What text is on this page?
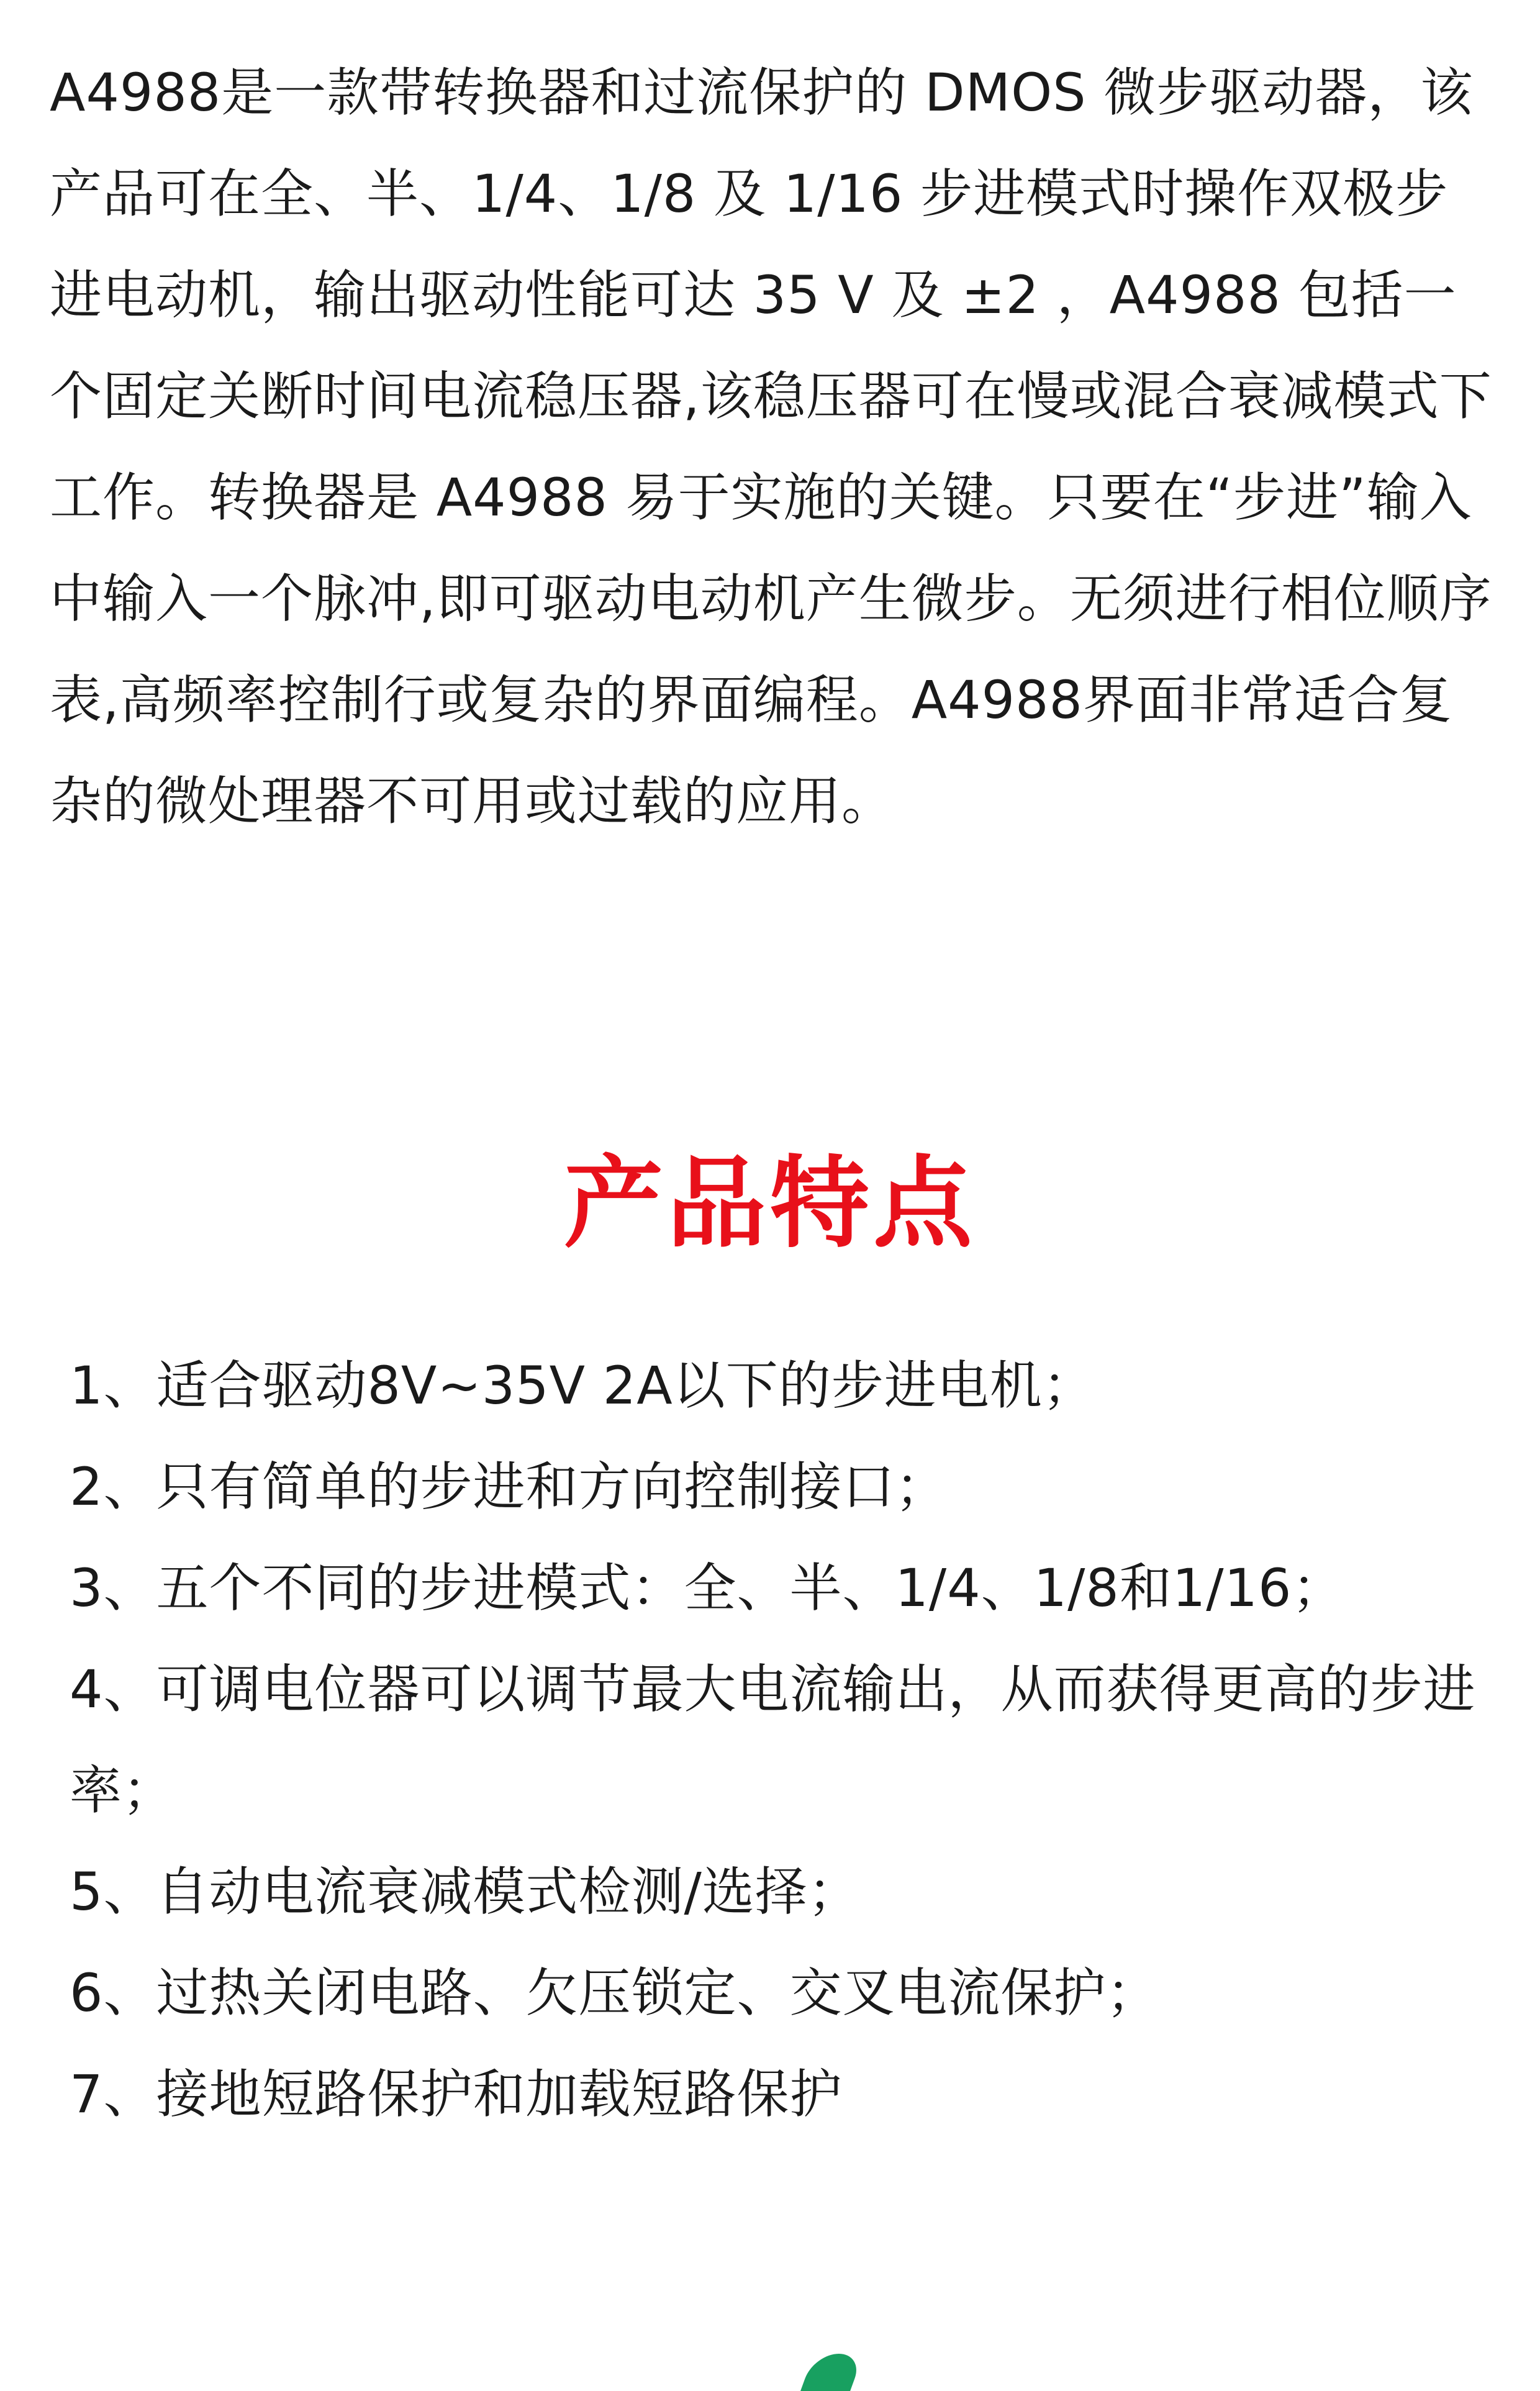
A4988是一款带转换器和过流保护的 DMOS 微步驱动器，该产品可在全、半、1/4、1/8 及 1/16 步进模式时操作双极步进电动机，输出驱动性能可达 35 V 及 ±2 ，A4988 包括一个固定关断时间电流稳压器,该稳压器可在慢或混合衰减模式下工作。转换器是 A4988 易于实施的关键。只要在“步进”输入中输入一个脉冲,即可驱动电动机产生微步。无须进行相位顺序表,高频率控制行或复杂的界面编程。A4988界面非常适合复杂的微处理器不可用或过载的应用。

产品特点
1、适合驱动8V~35V 2A以下的步进电机；
2、只有简单的步进和方向控制接口；
3、五个不同的步进模式：全、半、1/4、1/8和1/16；
4、可调电位器可以调节最大电流输出，从而获得更高的步进率；
5、自动电流衰减模式检测/选择；
6、过热关闭电路、欠压锁定、交叉电流保护；
7、接地短路保护和加载短路保护
